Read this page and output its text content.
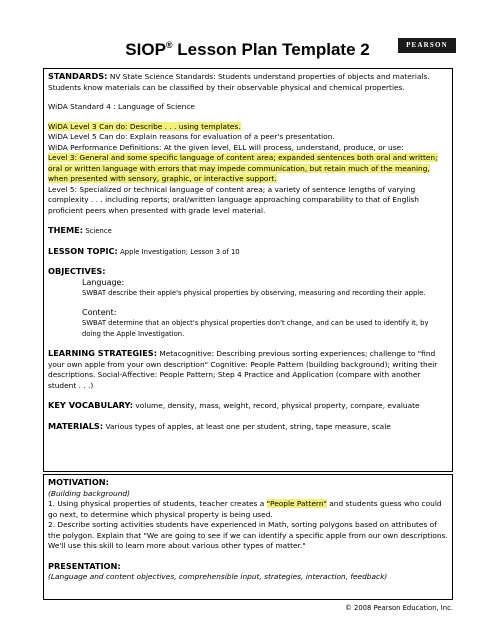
SIOP® Lesson Plan Template 2	PEARSON

STANDARDS: NV State Science Standards: Students understand properties of objects and materials. Students know materials can be classified by their observable physical and chemical properties.

WiDA Standard 4 : Language of Science

WiDA Level 3 Can do: Describe . . . using templates.

WiDA Level 5 Can do: Explain reasons for evaluation of a peer's presentation.

WiDA Performance Definitions: At the given level, ELL will process, understand, produce, or use:

Level 3: General and some specific language of content area; expanded sentences both oral and written; oral or written language with errors that may impede communication, but retain much of the meaning, when presented with sensory, graphic, or interactive support.

Level 5: Specialized or technical language of content area; a variety of sentence lengths of varying complexity . . . including reports; oral/written language approaching comparability to that of English proficient peers when presented with grade level material.

THEME: Science

LESSON TOPIC: Apple Investigation; Lesson 3 of 10

OBJECTIVES:

Language:

SWBAT describe their apple's physical properties by observing, measuring and recording their apple.

Content:

SWBAT determine that an object's physical properties don't change, and can be used to identify it, by doing the Apple Investigation.

LEARNING STRATEGIES: Metacognitive: Describing previous sorting experiences; challenge to "find your own apple from your own description" Cognitive: People Pattern (building background); writing their descriptions. Social-Affective: People Pattern; Step 4 Practice and Application (compare with another student . . .)

KEY VOCABULARY: volume, density, mass, weight, record, physical property, compare, evaluate

MATERIALS: Various types of apples, at least one per student, string, tape measure, scale

MOTIVATION:

(Building background)

1. Using physical properties of students, teacher creates a "People Pattern" and students guess who could go next, to determine which physical property is being used.

2. Describe sorting activities students have experienced in Math, sorting polygons based on attributes of the polygon. Explain that "We are going to see if we can identify a specific apple from our own descriptions. We'll use this skill to learn more about various other types of matter."

PRESENTATION:

(Language and content objectives, comprehensible input, strategies, interaction, feedback)

© 2008 Pearson Education, Inc.
